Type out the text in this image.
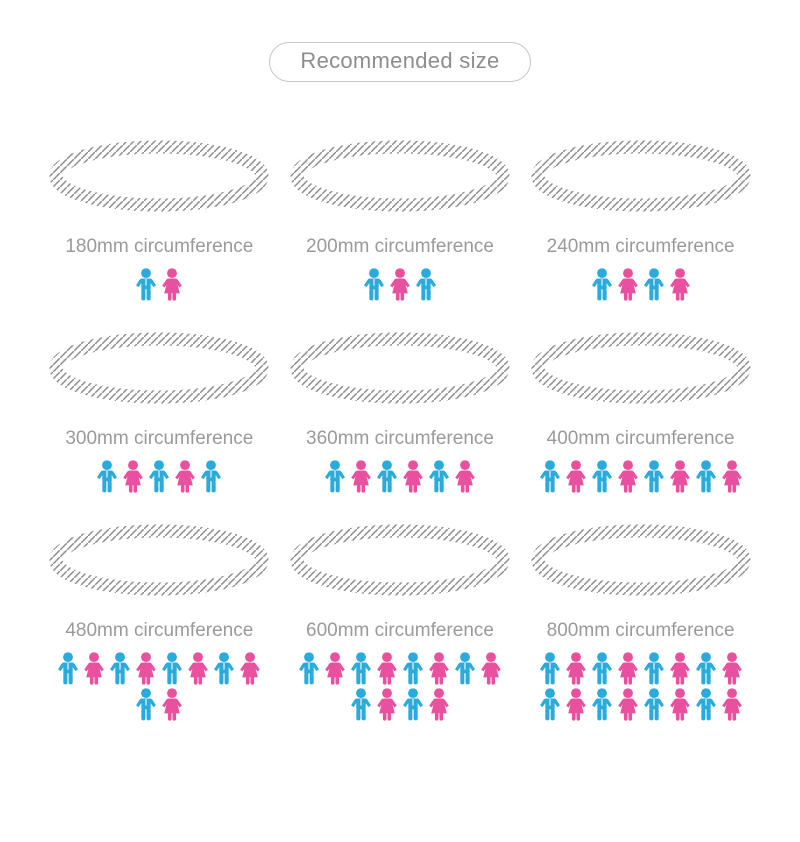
Recommended size
180mm circumference	200mm circumference	240mm circumference
300mm circumference	360mm circumference	400mm circumference
480mm circumference	600mm circumference	800mm circumference
